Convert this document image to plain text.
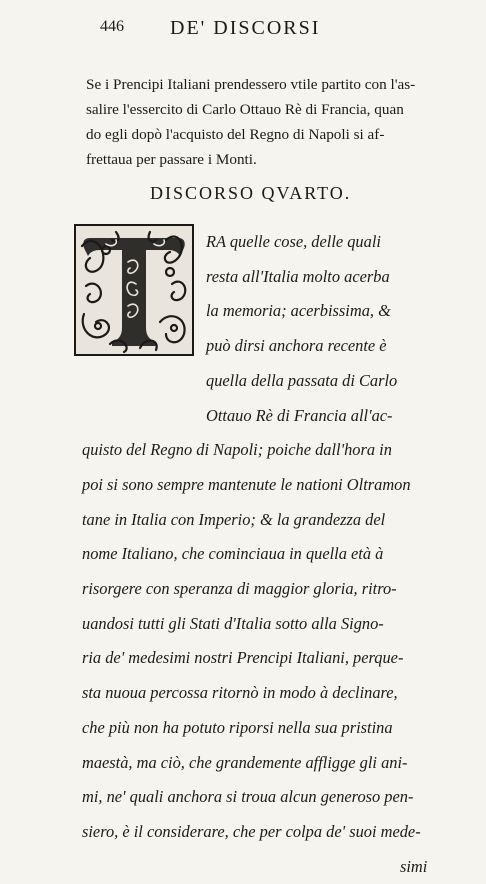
446 DE' DISCORSI
Se i Prencipi Italiani prendessero vtile partito con l'as-
salire l'essercito di Carlo Ottauo Rè di Francia, quan
do egli dopò l'acquisto del Regno di Napoli si af-
frettaua per passare i Monti.
DISCORSO QVARTO.
RA quelle cose, delle quali
resta all'Italia molto acerba
la memoria; acerbissima, &
può dirsi anchora recente è
quella della passata di Carlo
Ottauo Rè di Francia all'ac-
quisto del Regno di Napoli; poiche dall'hora in
poi si sono sempre mantenute le nationi Oltramon
tane in Italia con Imperio; & la grandezza del
nome Italiano, che cominciaua in quella età à
risorgere con speranza di maggior gloria, ritro-
uandosi tutti gli Stati d'Italia sotto alla Signo-
ria de' medesimi nostri Prencipi Italiani, perque-
sta nuoua percossa ritornò in modo à declinare,
che più non ha potuto riporsi nella sua pristina
maestà, ma ciò, che grandemente affligge gli ani-
mi, ne' quali anchora si troua alcun generoso pen-
siero, è il considerare, che per colpa de' suoi mede-
simi
